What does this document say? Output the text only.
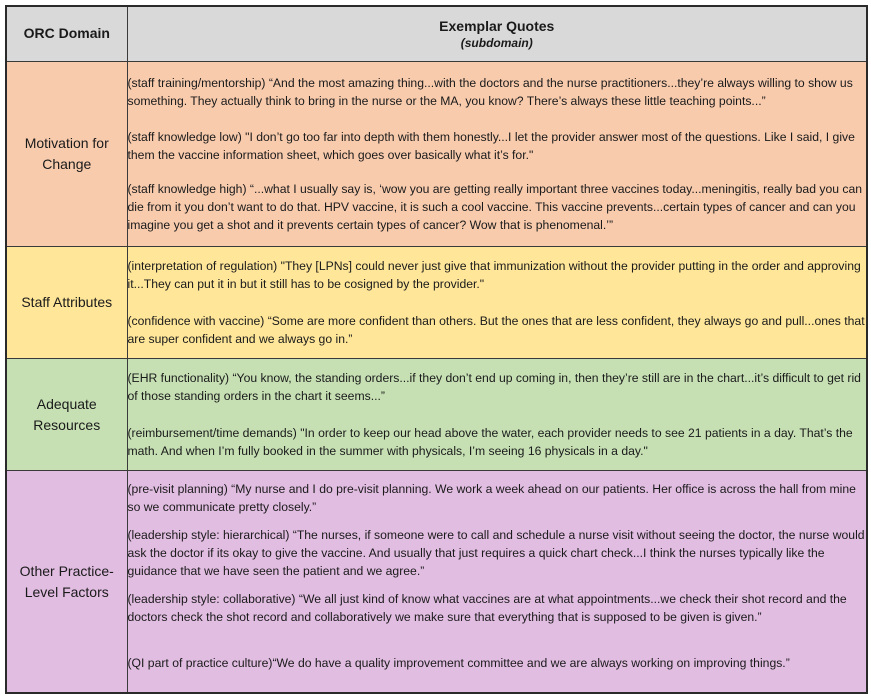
ORC Domain	Exemplar Quotes
(subdomain)

Motivation for Change	
(staff training/mentorship) “And the most amazing thing...with the doctors and the nurse practitioners...they’re always willing to show us something. They actually think to bring in the nurse or the MA, you know? There’s always these little teaching points...”
(staff knowledge low) "I don’t go too far into depth with them honestly...I let the provider answer most of the questions. Like I said, I give them the vaccine information sheet, which goes over basically what it’s for."
(staff knowledge high) “...what I usually say is, ‘wow you are getting really important three vaccines today...meningitis, really bad you can die from it you don’t want to do that. HPV vaccine, it is such a cool vaccine. This vaccine prevents...certain types of cancer and can you imagine you get a shot and it prevents certain types of cancer? Wow that is phenomenal.’”

Staff Attributes	
(interpretation of regulation) "They [LPNs] could never just give that immunization without the provider putting in the order and approving it...They can put it in but it still has to be cosigned by the provider."
(confidence with vaccine) “Some are more confident than others. But the ones that are less confident, they always go and pull...ones that are super confident and we always go in.”

Adequate Resources	
(EHR functionality) “You know, the standing orders...if they don’t end up coming in, then they’re still are in the chart...it’s difficult to get rid of those standing orders in the chart it seems...”
(reimbursement/time demands) "In order to keep our head above the water, each provider needs to see 21 patients in a day. That’s the math. And when I’m fully booked in the summer with physicals, I’m seeing 16 physicals in a day."

Other Practice-Level Factors	
(pre-visit planning) “My nurse and I do pre-visit planning. We work a week ahead on our patients. Her office is across the hall from mine so we communicate pretty closely.”
(leadership style: hierarchical) “The nurses, if someone were to call and schedule a nurse visit without seeing the doctor, the nurse would ask the doctor if its okay to give the vaccine. And usually that just requires a quick chart check...I think the nurses typically like the guidance that we have seen the patient and we agree.”
(leadership style: collaborative) “We all just kind of know what vaccines are at what appointments...we check their shot record and the doctors check the shot record and collaboratively we make sure that everything that is supposed to be given is given.”
(QI part of practice culture)“We do have a quality improvement committee and we are always working on improving things.”
